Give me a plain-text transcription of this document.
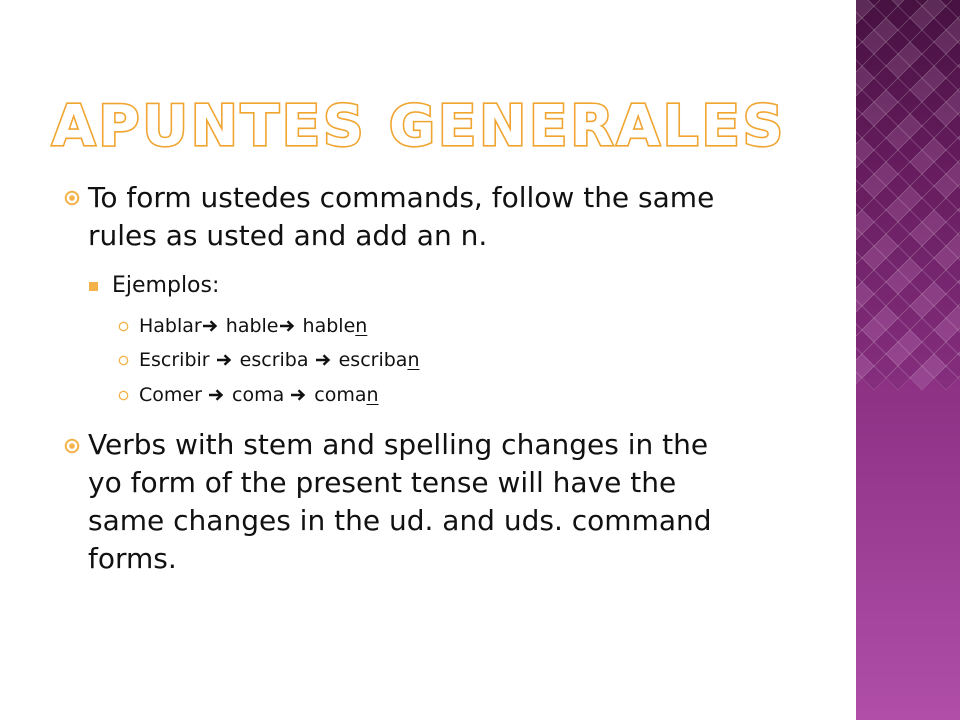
APUNTES GENERALES
To form ustedes commands, follow the same
rules as usted and add an n.
Ejemplos:
Hablar hable hablen
Escribir  escriba  escriban
Comer  coma  coman
Verbs with stem and spelling changes in the
yo form of the present tense will have the
same changes in the ud. and uds. command
forms.
